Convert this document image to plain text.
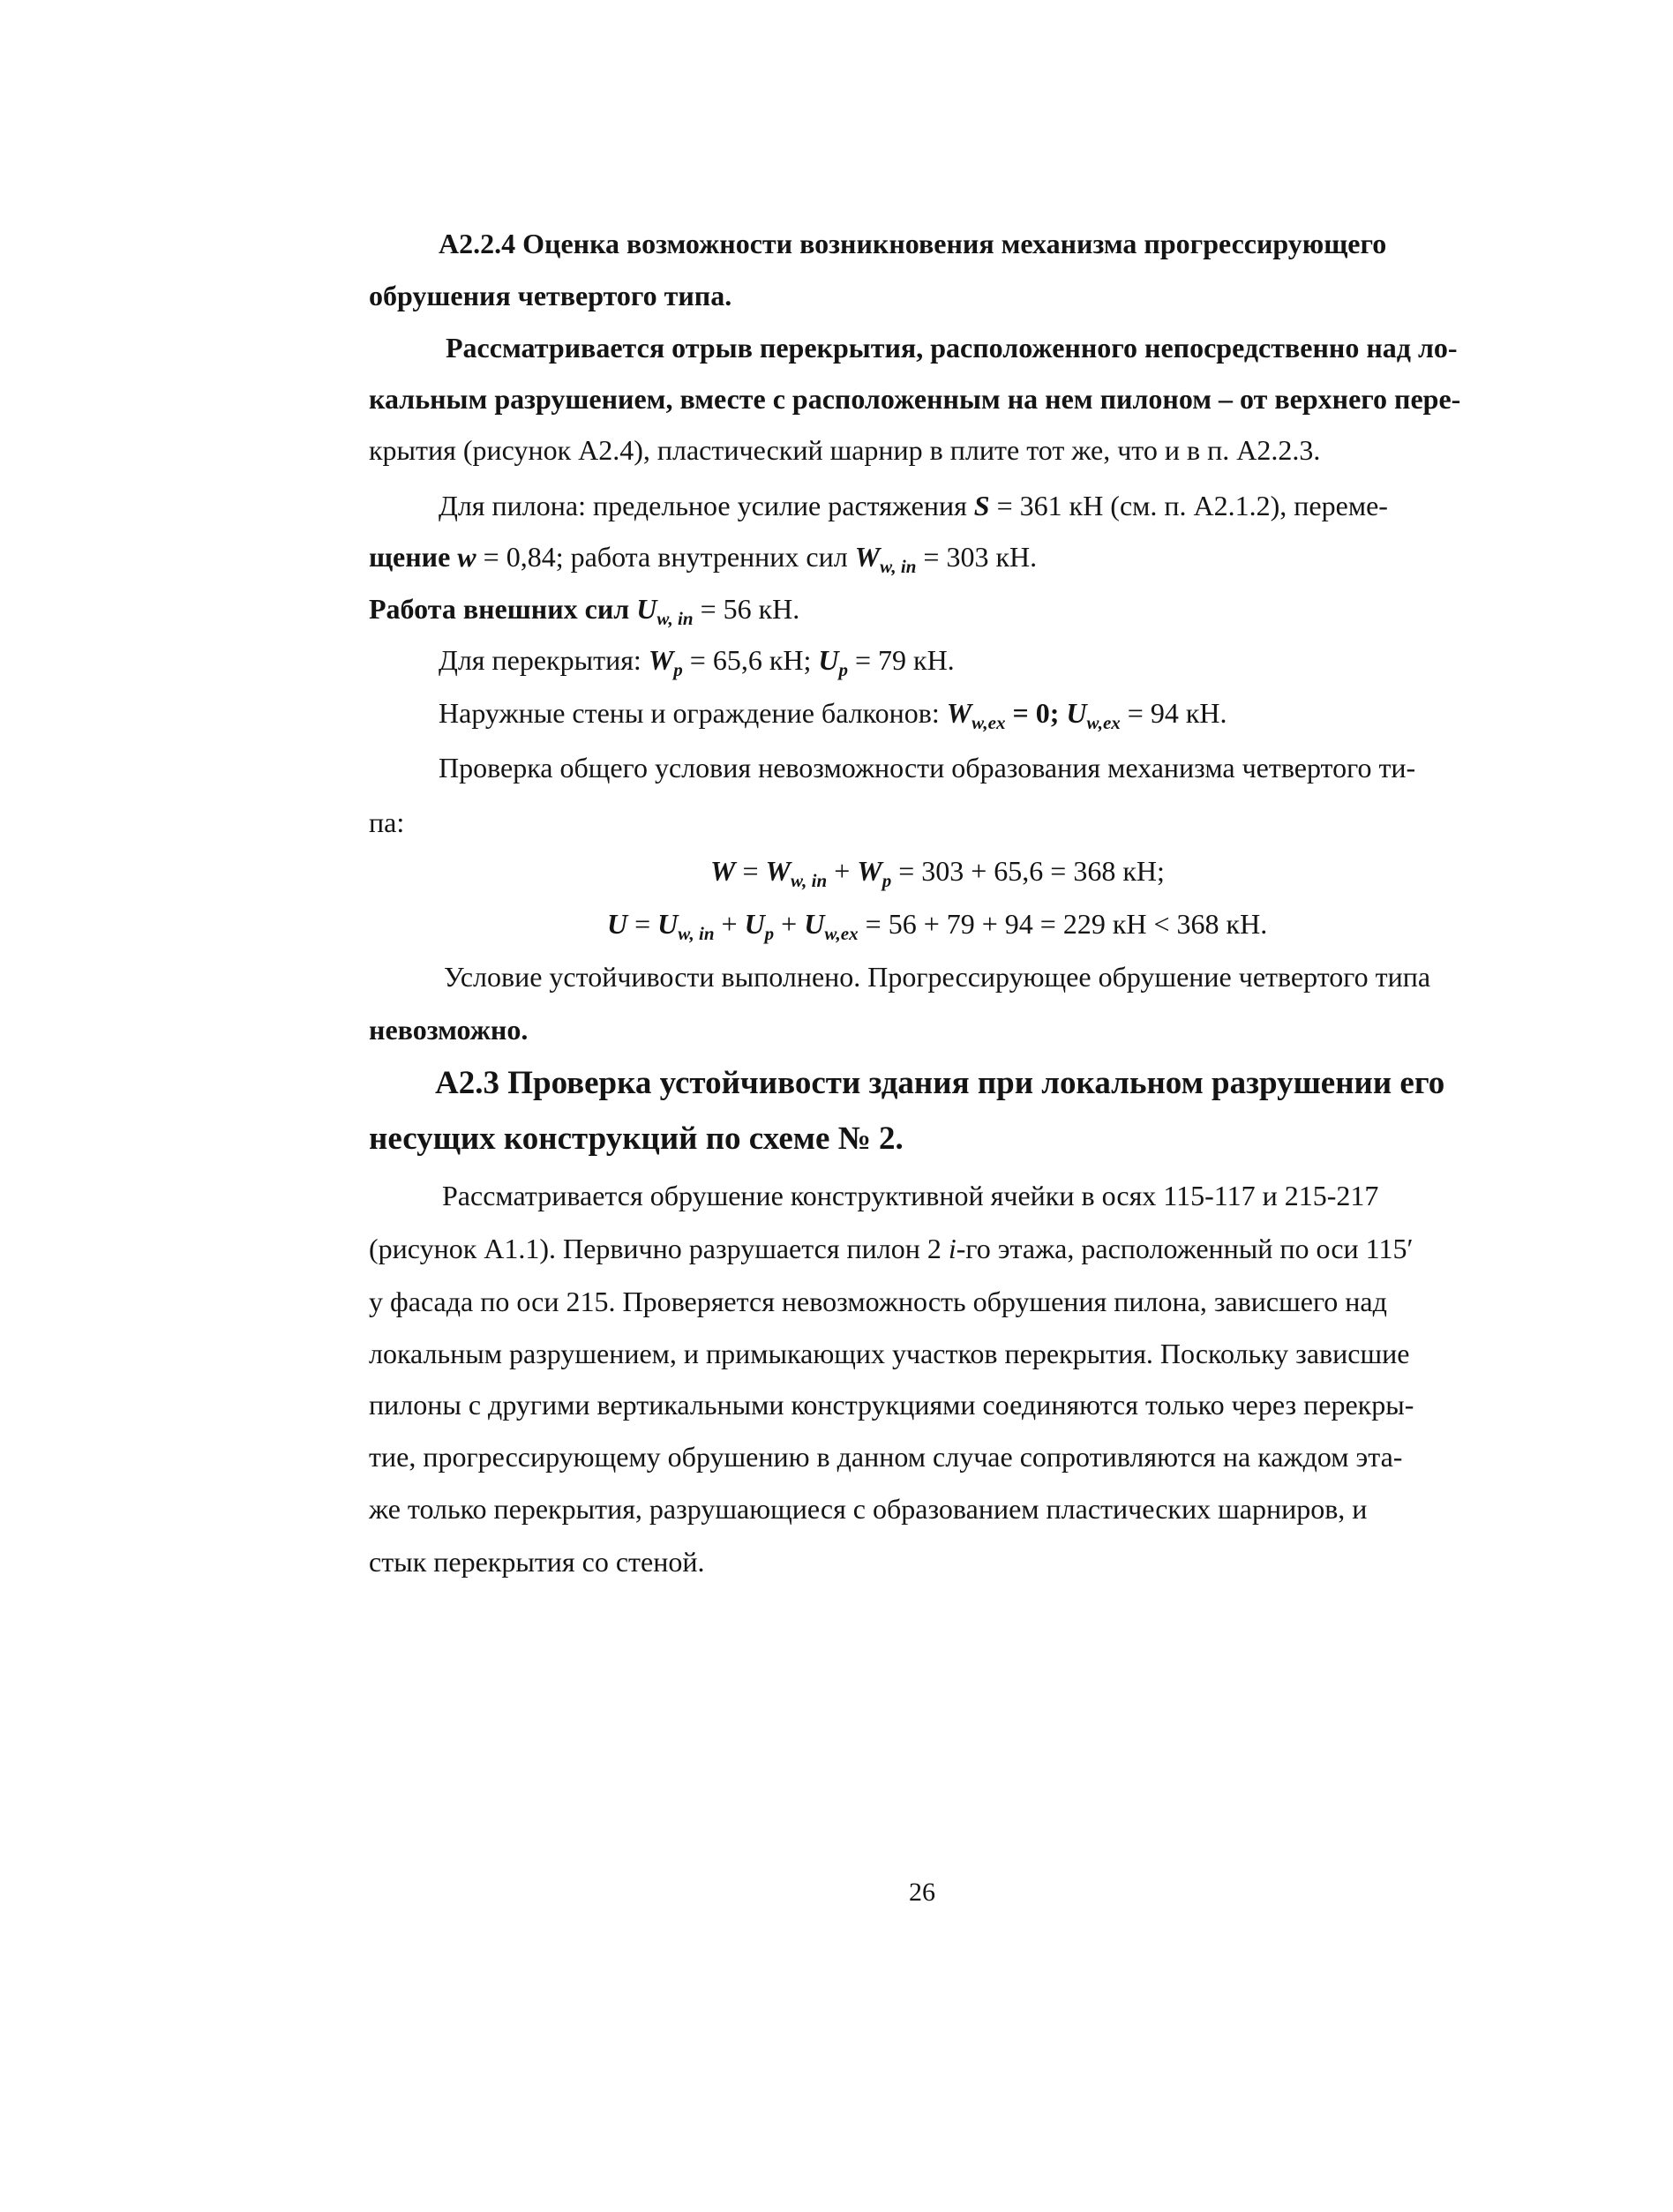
А2.2.4 Оценка возможности возникновения механизма прогрессирующего
обрушения четвертого типа.
Рассматривается отрыв перекрытия, расположенного непосредственно над ло-
кальным разрушением, вместе с расположенным на нем пилоном – от верхнего пере-
крытия (рисунок А2.4), пластический шарнир в плите тот же, что и в п. А2.2.3.
Для пилона: предельное усилие растяжения S = 361 кН (см. п. А2.1.2), переме-
щение w = 0,84; работа внутренних сил $W_{w, in} = 303$ кН.
Работа внешних сил $U_{w, in} = 56$ кН.
Для перекрытия: $W_p = 65,6$ кН; $U_p = 79$ кН.
Наружные стены и ограждение балконов: $W_{w,ex} = 0$; $U_{w,ex} = 94$ кН.
Проверка общего условия невозможности образования механизма четвертого ти-
па:
$W = W_{w, in} + W_p = 303 + 65,6 = 368$ кН;
$U = U_{w, in} + U_p + U_{w,ex} = 56 + 79 + 94 = 229$ кН < 368 кН.
Условие устойчивости выполнено. Прогрессирующее обрушение четвертого типа
невозможно.
А2.3 Проверка устойчивости здания при локальном разрушении его
несущих конструкций по схеме № 2.
Рассматривается обрушение конструктивной ячейки в осях 115-117 и 215-217
(рисунок А1.1). Первично разрушается пилон 2 i-го этажа, расположенный по оси 115′
у фасада по оси 215. Проверяется невозможность обрушения пилона, зависшего над
локальным разрушением, и примыкающих участков перекрытия. Поскольку зависшие
пилоны с другими вертикальными конструкциями соединяются только через перекры-
тие, прогрессирующему обрушению в данном случае сопротивляются на каждом эта-
же только перекрытия, разрушающиеся с образованием пластических шарниров, и
стык перекрытия со стеной.
26
